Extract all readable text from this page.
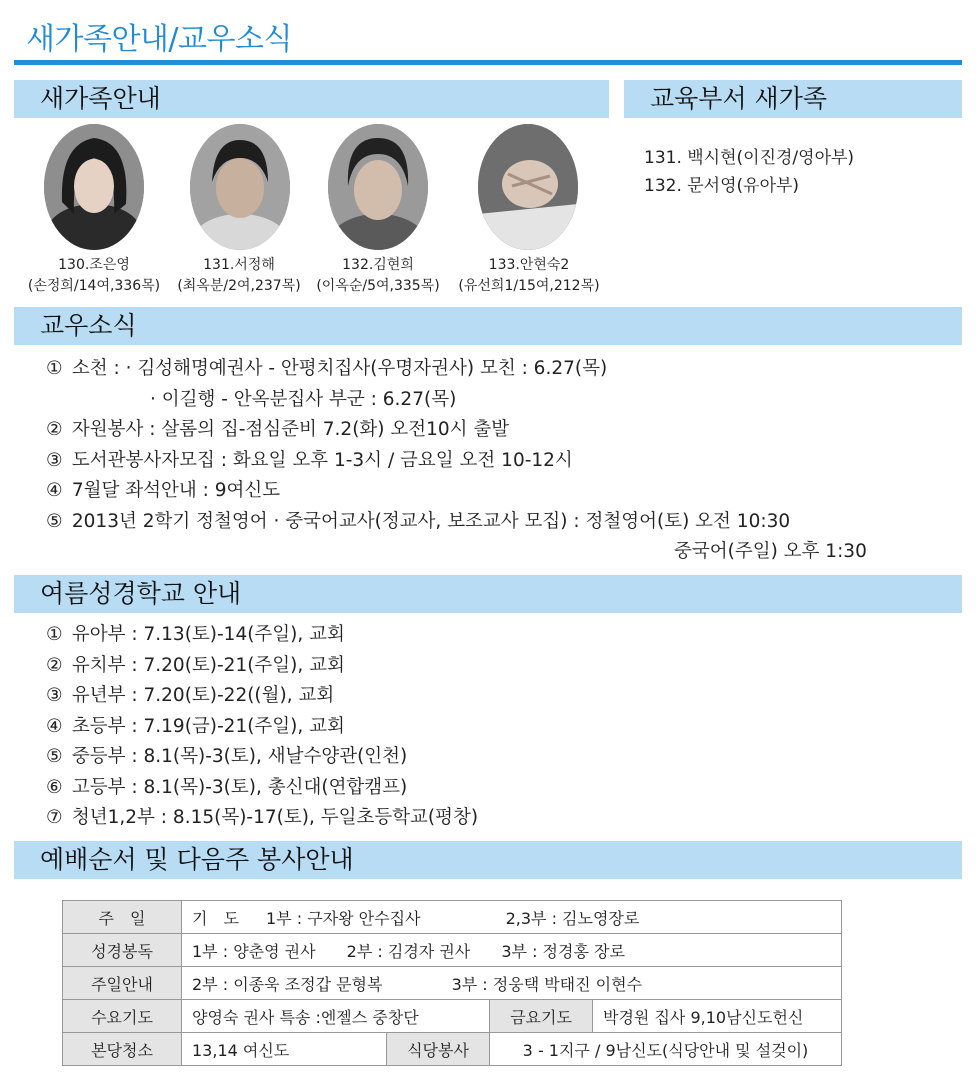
새가족안내/교우소식
새가족안내	교육부서 새가족
130.조은영
(손정희/14여,336목)
131.서정해
(최옥분/2여,237목)
132.김현희
(이옥순/5여,335목)
133.안현숙2
(유선희1/15여,212목)
131. 백시현(이진경/영아부)
132. 문서영(유아부)
교우소식
① 소천 : · 김성해명예권사 - 안평치집사(우명자권사) 모친 : 6.27(목)
· 이길행 - 안옥분집사 부군 : 6.27(목)
② 자원봉사 : 살롬의 집-점심준비 7.2(화) 오전10시 출발
③ 도서관봉사자모집 : 화요일 오후 1-3시 / 금요일 오전 10-12시
④ 7월달 좌석안내 : 9여신도
⑤ 2013년 2학기 정철영어 · 중국어교사(정교사, 보조교사 모집) : 정철영어(토) 오전 10:30
중국어(주일) 오후 1:30
여름성경학교 안내
① 유아부 : 7.13(토)-14(주일), 교회
② 유치부 : 7.20(토)-21(주일), 교회
③ 유년부 : 7.20(토)-22((월), 교회
④ 초등부 : 7.19(금)-21(주일), 교회
⑤ 중등부 : 8.1(목)-3(토), 새날수양관(인천)
⑥ 고등부 : 8.1(목)-3(토), 총신대(연합캠프)
⑦ 청년1,2부 : 8.15(목)-17(토), 두일초등학교(평창)
예배순서 및 다음주 봉사안내
주　일	기　도 1부 : 구자왕 안수집사 2,3부 : 김노영장로			
성경봉독	1부 : 양춘영 권사 2부 : 김경자 권사 3부 : 정경홍 장로			
주일안내	2부 : 이종욱 조정갑 문형복 3부 : 정웅택 박태진 이현수			
수요기도	양영숙 권사 특송 :엔젤스 중창단		금요기도	박경원 집사 9,10남신도헌신
본당청소	13,14 여신도	식당봉사	3 - 1지구 / 9남신도(식당안내 및 설겆이)	
